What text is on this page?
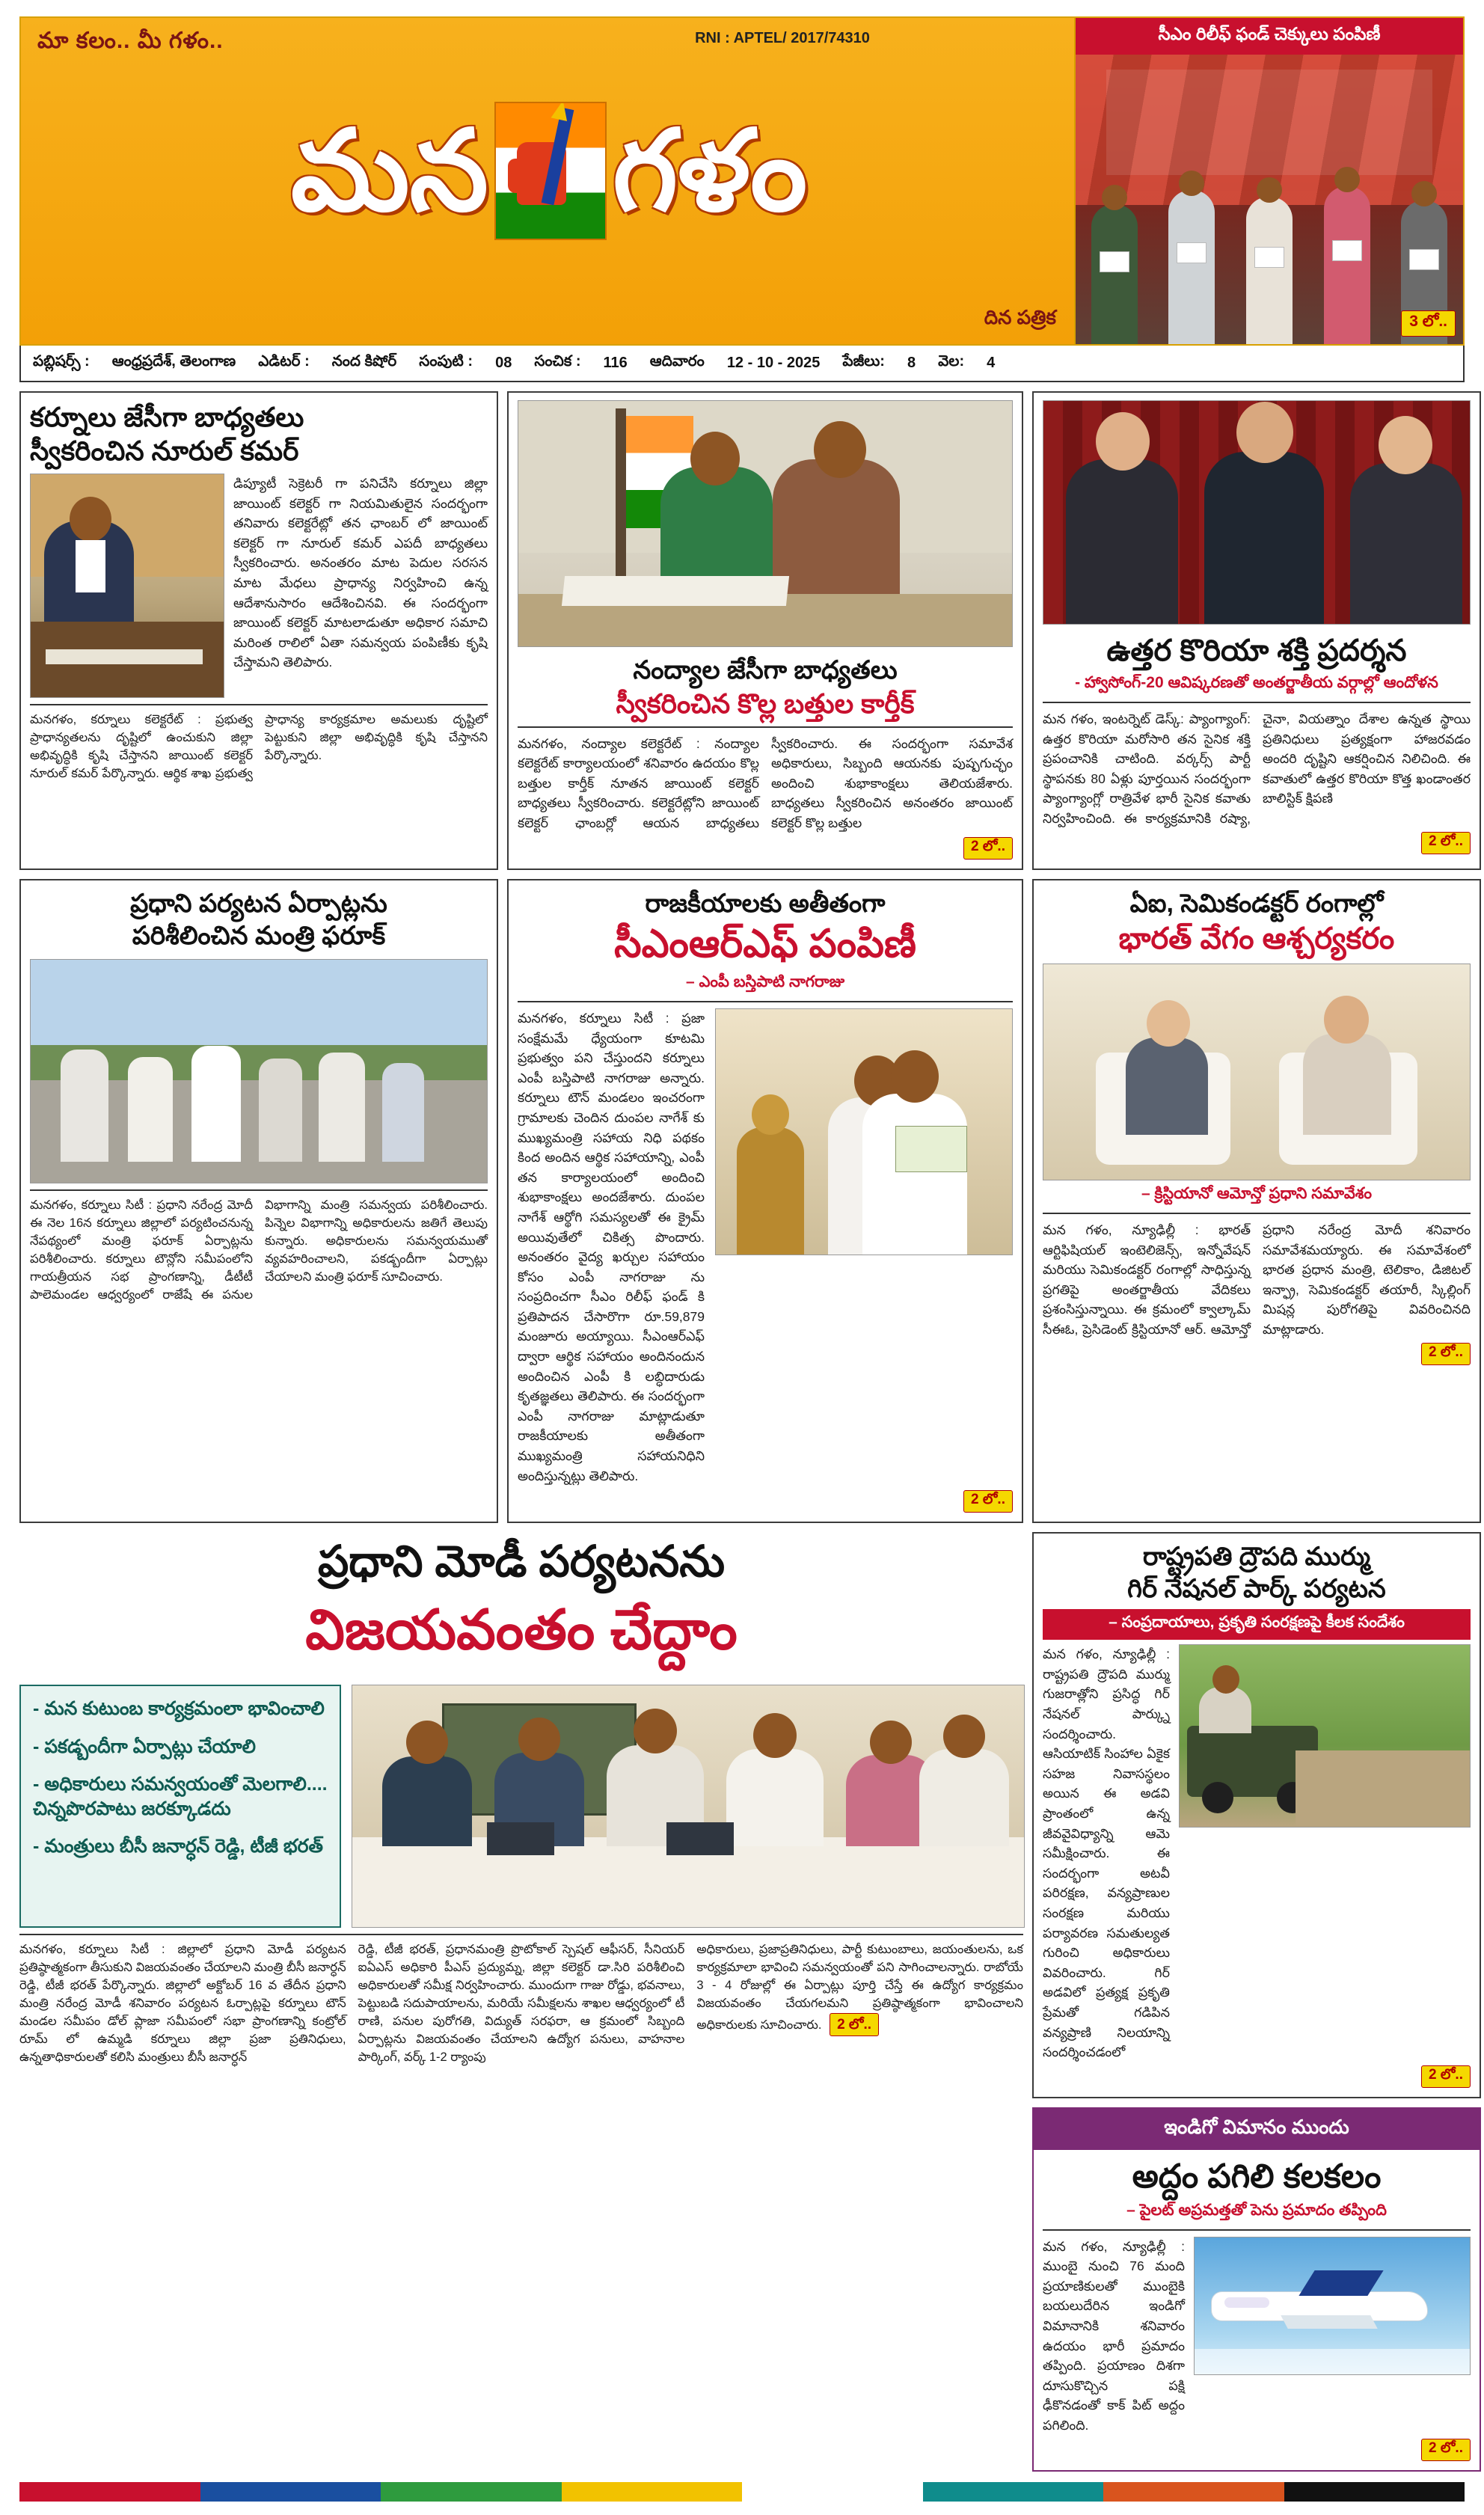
మా కలం.. మీ గళం..	RNI : APTEL/ 2017/74310
మన గళం
దిన పత్రిక
సీఎం రిలీఫ్ ఫండ్ చెక్కులు పంపిణీ
3 లో..
పబ్లిషర్స్ : ఆంధ్రప్రదేశ్, తెలంగాణ ఎడిటర్ : నంద కిషోర్ సంపుటి : 08 సంచిక : 116 ఆదివారం 12 - 10 - 2025 పేజీలు: 8 వెల: 4
కర్నూలు జేసీగా బాధ్యతలు
స్వీకరించిన నూరుల్ కమర్
డిప్యూటీ సెక్రెటరీ గా పనిచేసి కర్నూలు జిల్లా జాయింట్ కలెక్టర్ గా నియమితులైన సందర్భంగా తనివారు కలెక్టరేట్లో తన ఛాంబర్ లో జాయింట్ కలెక్టర్ గా నూరుల్ కమర్ ఎపదీ బాధ్యతలు స్వీకరించారు. అనంతరం మాట పెదుల సరసన మాట మేధలు ప్రాధాన్య నిర్వహించి ఉన్న ఆదేశానుసారం ఆదేశించినవి. ఈ సందర్భంగా జాయింట్ కలెక్టర్ మాటలాడుతూ అధికార సమాచి మరింత రాలిలో ఏతా సమన్వయ పంపిణీకు కృషి చేస్తామని తెలిపారు.
మనగళం, కర్నూలు కలెక్టరేట్ : ప్రభుత్వ ప్రాధాన్యతలను దృష్టిలో ఉంచుకుని జిల్లా అభివృద్ధికి కృషి చేస్తానని జాయింట్ కలెక్టర్ నూరుల్ కమర్ పేర్కొన్నారు. ఆర్థిక శాఖ ప్రభుత్వ ప్రాధాన్య కార్యక్రమాల అమలుకు దృష్టిలో పెట్టుకుని జిల్లా అభివృద్ధికి కృషి చేస్తానని పేర్కొన్నారు.
నంద్యాల జేసీగా బాధ్యతలు
స్వీకరించిన కొల్ల బత్తుల కార్తీక్
మనగళం, నంద్యాల కలెక్టరేట్ : నంద్యాల కలెక్టరేట్ కార్యాలయంలో శనివారం ఉదయం కొల్ల బత్తుల కార్తీక్ నూతన జాయింట్ కలెక్టర్ బాధ్యతలు స్వీకరించారు. కలెక్టరేట్లోని జాయింట్ కలెక్టర్ ఛాంబర్లో ఆయన బాధ్యతలు స్వీకరించారు. ఈ సందర్భంగా సమావేశ అధికారులు, సిబ్బంది ఆయనకు పుష్పగుచ్ఛం అందించి శుభాకాంక్షలు తెలియజేశారు. బాధ్యతలు స్వీకరించిన అనంతరం జాయింట్ కలెక్టర్ కొల్ల బత్తుల
2 లో..
ఉత్తర కొరియా శక్తి ప్రదర్శన
- హ్వాసోంగ్-20 ఆవిష్కరణతో అంతర్జాతీయ వర్గాల్లో ఆందోళన
మన గళం, ఇంటర్నెట్ డెస్క్: ప్యాంగ్యాంగ్: ఉత్తర కొరియా మరోసారి తన సైనిక శక్తి ప్రపంచానికి చాటింది. వర్కర్స్ పార్టీ స్థాపనకు 80 ఏళ్లు పూర్తయిన సందర్భంగా ప్యాంగ్యాంగ్లో రాత్రివేళ భారీ సైనిక కవాతు నిర్వహించింది. ఈ కార్యక్రమానికి రష్యా, చైనా, వియత్నాం దేశాల ఉన్నత స్థాయి ప్రతినిధులు ప్రత్యక్షంగా హాజరవడం అందరి దృష్టిని ఆకర్షించిన నిలిచింది. ఈ కవాతులో ఉత్తర కొరియా కొత్త ఖండాంతర బాలిస్టిక్ క్షిపణి
2 లో..
ప్రధాని పర్యటన ఏర్పాట్లను
పరిశీలించిన మంత్రి ఫరూక్
మనగళం, కర్నూలు సిటీ : ప్రధాని నరేంద్ర మోదీ ఈ నెల 16న కర్నూలు జిల్లాలో పర్యటించనున్న నేపథ్యంలో మంత్రి ఫరూక్ ఏర్పాట్లను పరిశీలించారు. కర్నూలు టౌన్లోని సమీపంలోని గాయత్రీయన సభ ప్రాంగణాన్ని, డీటీటీ పాలెమండల ఆధ్వర్యంలో రాజేషే ఈ పనుల విభాగాన్ని మంత్రి సమన్వయ పరిశీలించారు. పిన్నెల విభాగాన్ని అధికారులను జతిగే తెలుపు కున్నారు. అధికారులను సమన్వయముతో వ్యవహరించాలని, పకడ్బందీగా ఏర్పాట్లు చేయాలని మంత్రి ఫరూక్ సూచించారు.
రాజకీయాలకు అతీతంగా
సీఎంఆర్ఎఫ్ పంపిణీ
– ఎంపీ బస్తిపాటి నాగరాజు
మనగళం, కర్నూలు సిటీ : ప్రజా సంక్షేమమే ధ్యేయంగా కూటమి ప్రభుత్వం పని చేస్తుందని కర్నూలు ఎంపీ బస్తిపాటి నాగరాజు అన్నారు. కర్నూలు టౌన్ మండలం ఇంచరంగా గ్రామాలకు చెందిన దుంపల నాగేశ్ కు ముఖ్యమంత్రి సహాయ నిధి పథకం కింద అందిన ఆర్థిక సహాయాన్ని, ఎంపీ తన కార్యాలయంలో అందించి శుభాకాంక్షలు అందజేశారు. దుంపల నాగేశ్ ఆర్థోగి సమస్యలతో ఈ క్రైమ్ అయివుతేలో చికిత్స పొందారు. అనంతరం వైద్య ఖర్చుల సహాయం కోసం ఎంపీ నాగరాజు ను సంప్రదించగా సీఎం రిలీఫ్ ఫండ్ కి ప్రతిపాదన చేసారొగా రూ.59,879 మంజూరు అయ్యాయి. సీఎంఆర్ఎఫ్ ద్వారా ఆర్థిక సహాయం అందినందున అందించిన ఎంపీ కి లబ్ధిదారుడు కృతజ్ఞతలు తెలిపారు. ఈ సందర్భంగా ఎంపీ నాగరాజు మాట్లాడుతూ రాజకీయాలకు అతీతంగా ముఖ్యమంత్రి సహాయనిధిని అందిస్తున్నట్లు తెలిపారు.
2 లో..
ఏఐ, సెమికండక్టర్ రంగాల్లో
భారత్ వేగం ఆశ్చర్యకరం
– క్రిస్టియానో ఆమోన్తో ప్రధాని సమావేశం
మన గళం, న్యూఢిల్లీ : భారత్ ఆర్టిఫిషియల్ ఇంటెలిజెన్స్, ఇన్నోవేషన్ మరియు సెమికండక్టర్ రంగాల్లో సాధిస్తున్న ప్రగతిపై అంతర్జాతీయ వేదికలు ప్రశంసిస్తున్నాయి. ఈ క్రమంలో క్వాల్కామ్ సీఈఓ, ప్రెసిడెంట్ క్రిస్టియానో ఆర్. ఆమోన్తో ప్రధాని నరేంద్ర మోదీ శనివారం సమావేశమయ్యారు. ఈ సమావేశంలో భారత ప్రధాన మంత్రి, టెలికాం, డిజిటల్ ఇన్ఫ్రా, సెమికండక్టర్ తయారీ, స్కిల్లింగ్ మిషన్ల పురోగతిపై వివరించినది మాట్లాడారు.
2 లో..
ప్రధాని మోడీ పర్యటనను
విజయవంతం చేద్దాం
- మన కుటుంబ కార్యక్రమంలా భావించాలి
- పకడ్బందీగా ఏర్పాట్లు చేయాలి
- అధికారులు సమన్వయంతో మెలగాలి.... చిన్నపొరపాటు జరక్కూడదు
- మంత్రులు బీసీ జనార్ధన్ రెడ్డి, టీజీ భరత్
మనగళం, కర్నూలు సిటీ : జిల్లాలో ప్రధాని మోడీ పర్యటన ప్రతిష్ఠాత్మకంగా తీసుకుని విజయవంతం చేయాలని మంత్రి బీసీ జనార్ధన్ రెడ్డి, టీజీ భరత్ పేర్కొన్నారు. జిల్లాలో అక్టోబర్ 16 వ తేదీన ప్రధాని మంత్రి నరేంద్ర మోడీ శనివారం పర్యటన ఓర్పాట్లపై కర్నూలు టౌన్ మండల సమీపం డోల్ ప్లాజా సమీపంలో సభా ప్రాంగణాన్ని కంట్రోల్ రూమ్ లో ఉమ్మడి కర్నూలు జిల్లా ప్రజా ప్రతినిధులు, ఉన్నతాధికారులతో కలిసి మంత్రులు బీసీ జనార్ధన్
రెడ్డి, టీజీ భరత్, ప్రధానమంత్రి ప్రొటోకాల్ స్పెషల్ ఆఫీసర్, సీనియర్ ఐఏఎస్ అధికారి పీఎస్ ప్రద్యుమ్న, జిల్లా కలెక్టర్ డా.సిరి పరిశీలించి అధికారులతో సమీక్ష నిర్వహించారు. ముందుగా గాజు రోడ్డు, భవనాలు, పెట్టుబడి సదుపాయాలను, మరియే సమీక్షలను శాఖల ఆధ్వర్యంలో టీ రాణి, పనుల పురోగతి, విద్యుత్ సరఫరా, ఆ క్రమంలో సిబ్బంది ఏర్పాట్లను విజయవంతం చేయాలని ఉద్యోగ పనులు, వాహనాల పార్కింగ్, వర్క్ 1-2 ర్యాంపు
అధికారులు, ప్రజాప్రతినిధులు, పార్టీ కుటుంబాలు, జయంతులను, ఒక కార్యక్రమాలా భావించి సమన్వయంతో పని సాగించాలన్నారు. రాబోయే 3 - 4 రోజుల్లో ఈ ఏర్పాట్లు పూర్తి చేస్తే ఈ ఉద్యోగ కార్యక్రమం విజయవంతం చేయగలమని ప్రతిష్ఠాత్మకంగా భావించాలని అధికారులకు సూచించారు. 2 లో..
రాష్ట్రపతి ద్రౌపది ముర్ము
గిర్ నేషనల్ పార్క్ పర్యటన
– సంప్రదాయాలు, ప్రకృతి సంరక్షణపై కీలక సందేశం
మన గళం, న్యూఢిల్లీ : రాష్ట్రపతి ద్రౌపది ముర్ము గుజరాత్లోని ప్రసిద్ధ గిర్ నేషనల్ పార్క్ను సందర్శించారు. ఆసియాటిక్ సింహాల ఏకైక సహజ నివాసస్థలం అయిన ఈ అడవి ప్రాంతంలో ఉన్న జీవవైవిధ్యాన్ని ఆమె సమీక్షించారు. ఈ సందర్భంగా అటవీ పరిరక్షణ, వన్యప్రాణుల సంరక్షణ మరియు పర్యావరణ సమతుల్యత గురించి అధికారులు వివరించారు. గిర్ అడవిలో ప్రత్యక్ష ప్రకృతి ప్రేమతో గడిపిన వన్యప్రాణి నిలయాన్ని సందర్శించడంలో
2 లో..
ఇండిగో విమానం ముందు
అద్దం పగిలి కలకలం
– పైలట్ అప్రమత్తతో పెను ప్రమాదం తప్పింది
మన గళం, న్యూఢిల్లీ : ముంబై నుంచి 76 మంది ప్రయాణికులతో ముంబైకి బయలుదేరిన ఇండిగో విమానానికి శనివారం ఉదయం భారీ ప్రమాదం తప్పింది. ప్రయాణం దిశగా దూసుకొచ్చిన పక్షి ఢీకొనడంతో కాక్ పిట్ అద్దం పగిలింది.
2 లో..
